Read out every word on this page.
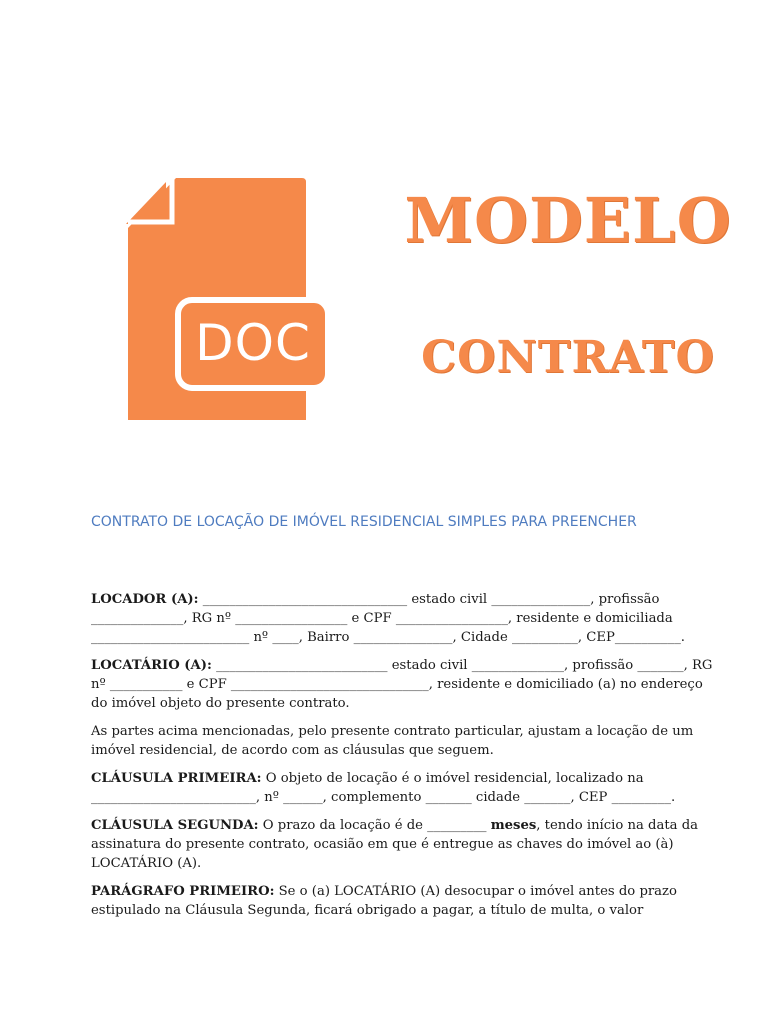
DOC
MODELO
CONTRATO
CONTRATO DE LOCAÇÃO DE IMÓVEL RESIDENCIAL SIMPLES PARA PREENCHER

LOCADOR (A): _______________________________ estado civil _______________, profissão
______________, RG nº _________________ e CPF _________________, residente e domiciliada
________________________ nº ____, Bairro _______________, Cidade __________, CEP__________.

LOCATÁRIO (A): __________________________ estado civil ______________, profissão _______, RG
nº ___________ e CPF ______________________________, residente e domiciliado (a) no endereço
do imóvel objeto do presente contrato.

As partes acima mencionadas, pelo presente contrato particular, ajustam a locação de um
imóvel residencial, de acordo com as cláusulas que seguem.

CLÁUSULA PRIMEIRA: O objeto de locação é o imóvel residencial, localizado na
_________________________, nº ______, complemento _______ cidade _______, CEP _________.

CLÁUSULA SEGUNDA: O prazo da locação é de _________ meses, tendo início na data da
assinatura do presente contrato, ocasião em que é entregue as chaves do imóvel ao (à)
LOCATÁRIO (A).

PARÁGRAFO PRIMEIRO: Se o (a) LOCATÁRIO (A) desocupar o imóvel antes do prazo
estipulado na Cláusula Segunda, ficará obrigado a pagar, a título de multa, o valor
